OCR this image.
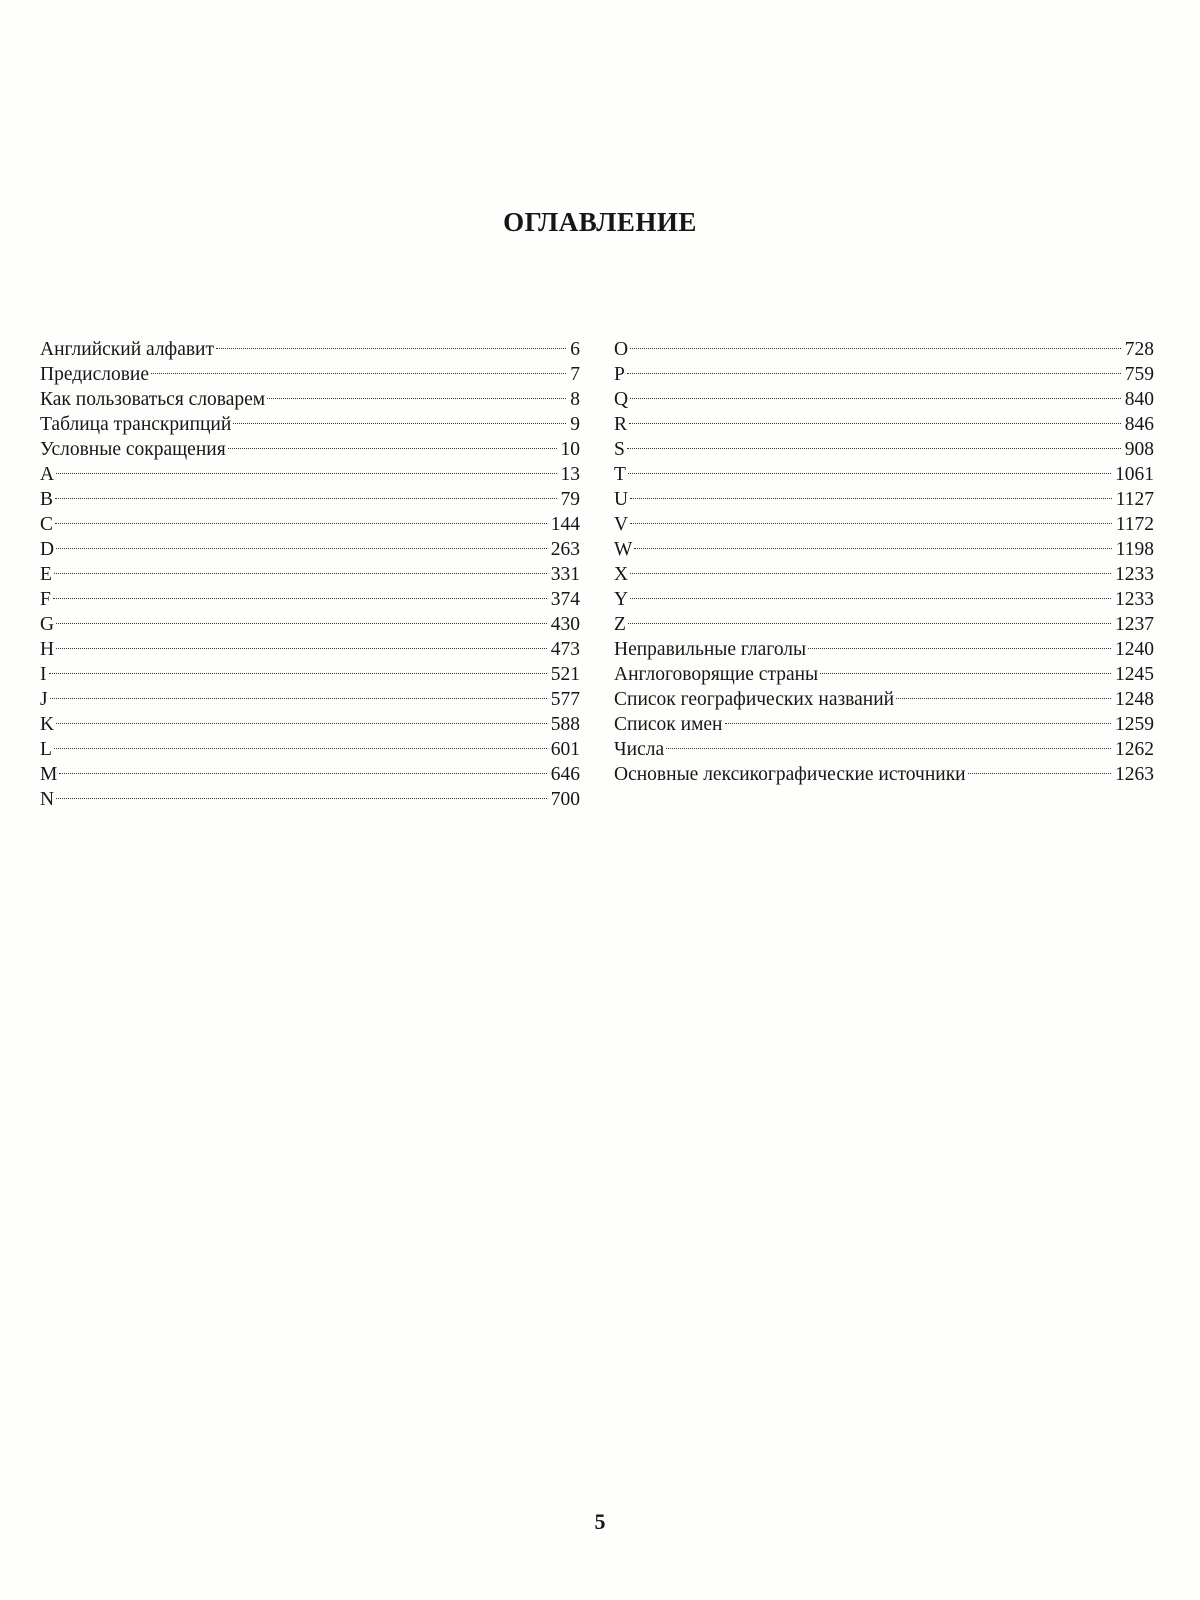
ОГЛАВЛЕНИЕ
Английский алфавит	6
Предисловие	7
Как пользоваться словарем	8
Таблица транскрипций	9
Условные сокращения	10
A	13
B	79
C	144
D	263
E	331
F	374
G	430
H	473
I	521
J	577
K	588
L	601
M	646
N	700
O	728
P	759
Q	840
R	846
S	908
T	1061
U	1127
V	1172
W	1198
X	1233
Y	1233
Z	1237
Неправильные глаголы	1240
Англоговорящие страны	1245
Список географических названий	1248
Список имен	1259
Числа	1262
Основные лексикографические источники	1263
5
